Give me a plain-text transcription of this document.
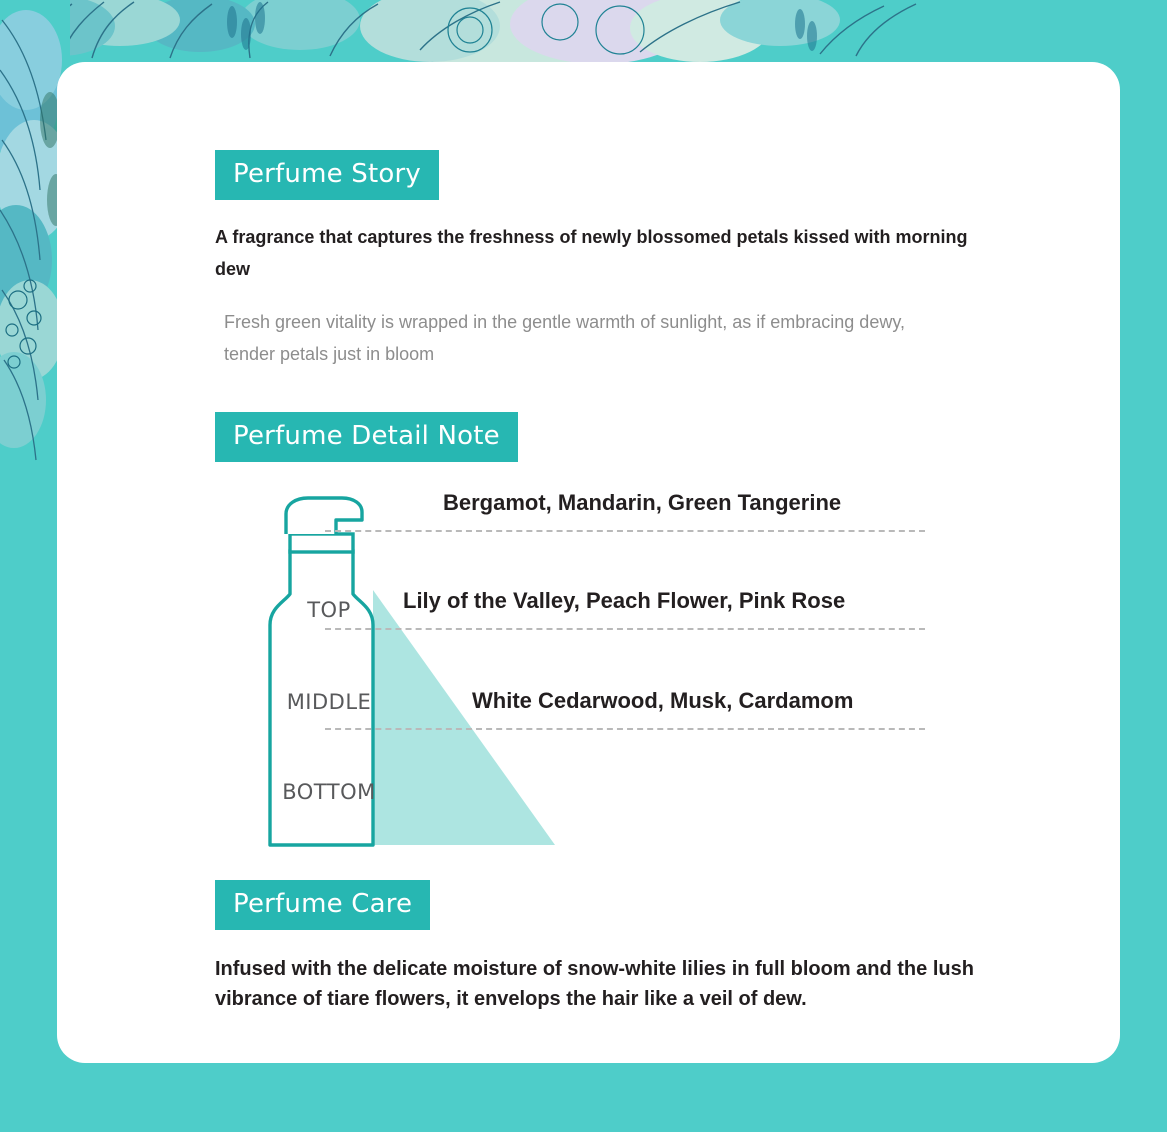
Perfume Story
A fragrance that captures the freshness of newly blossomed petals kissed with morning dew
Fresh green vitality is wrapped in the gentle warmth of sunlight, as if embracing dewy, tender petals just in bloom
Perfume Detail Note
TOP
MIDDLE
BOTTOM
Bergamot, Mandarin, Green Tangerine
Lily of the Valley, Peach Flower, Pink Rose
White Cedarwood, Musk, Cardamom
Perfume Care
Infused with the delicate moisture of snow-white lilies in full bloom and the lush vibrance of tiare flowers, it envelops the hair like a veil of dew.
